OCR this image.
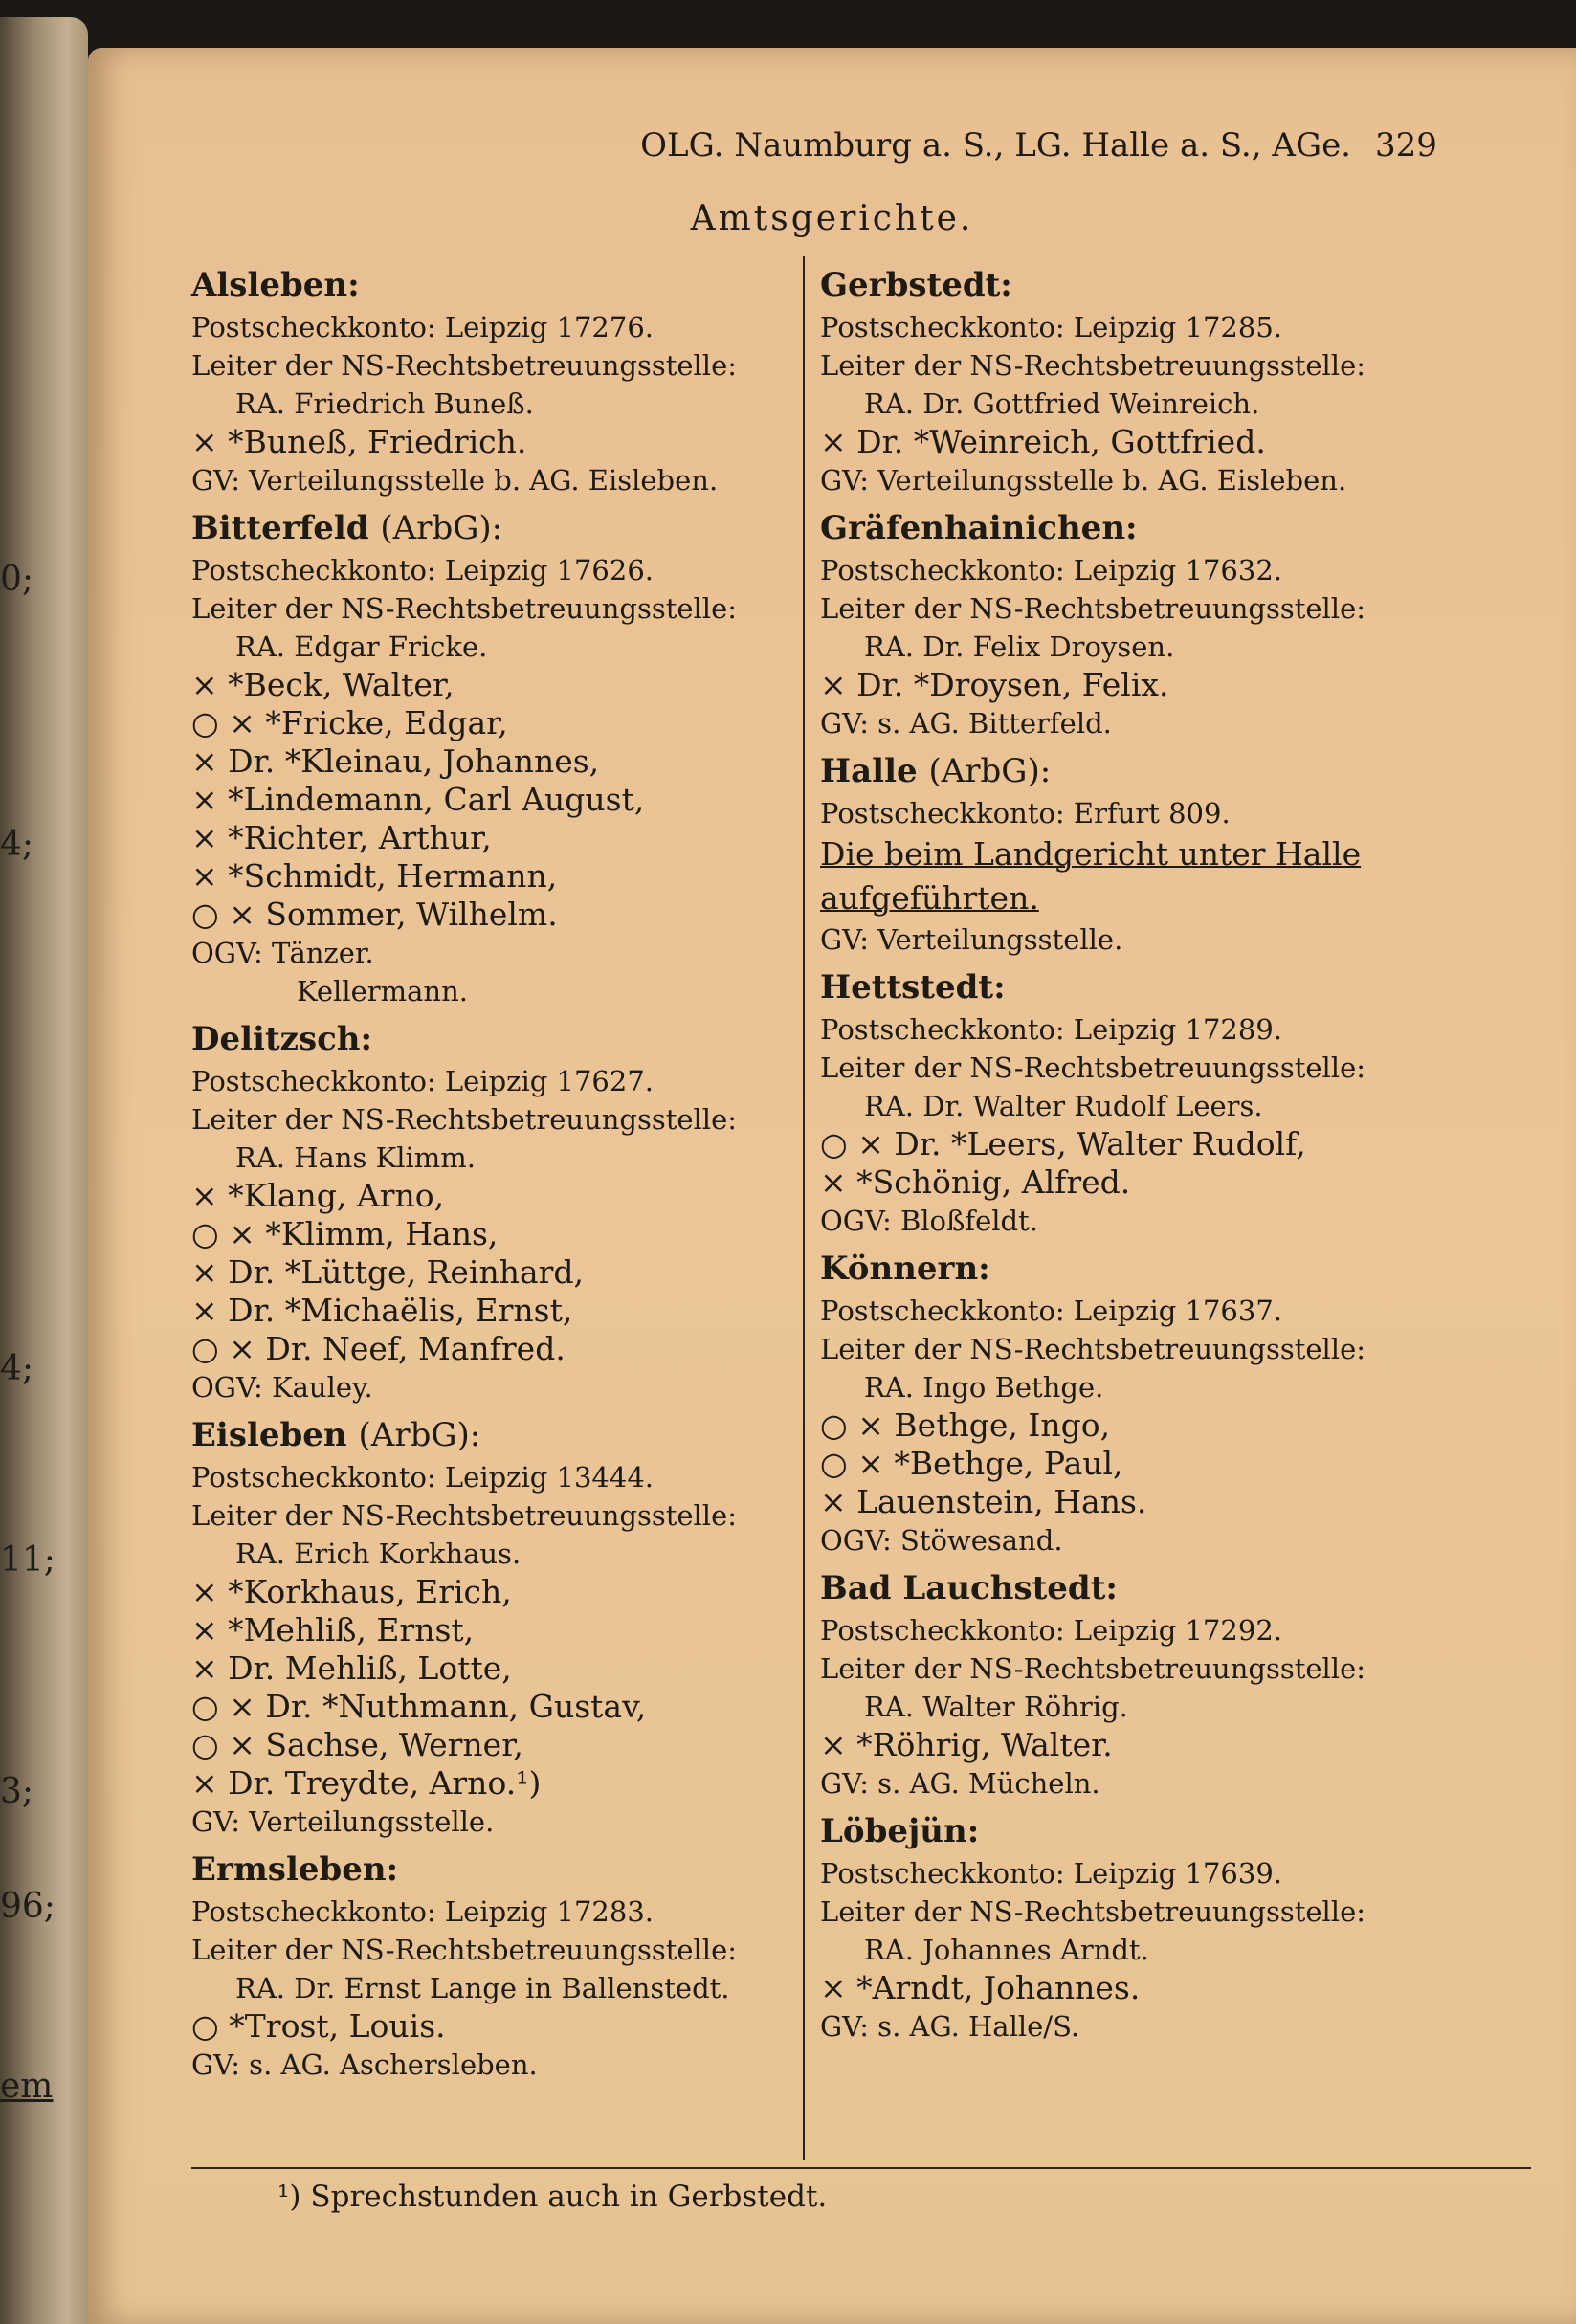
0;
4;
4;
11;
3;
96;
em
OLG. Naumburg a. S., LG. Halle a. S., AGe. 329
Amtsgerichte.
Alsleben:
Postscheckkonto: Leipzig 17276.
Leiter der NS-Rechtsbetreuungsstelle:
RA. Friedrich Buneß.
× *Buneß, Friedrich.
GV: Verteilungsstelle b. AG. Eisleben.
Bitterfeld (ArbG):
Postscheckkonto: Leipzig 17626.
Leiter der NS-Rechtsbetreuungsstelle:
RA. Edgar Fricke.
× *Beck, Walter,
○ × *Fricke, Edgar,
× Dr. *Kleinau, Johannes,
× *Lindemann, Carl August,
× *Richter, Arthur,
× *Schmidt, Hermann,
○ × Sommer, Wilhelm.
OGV: Tänzer.
Kellermann.
Delitzsch:
Postscheckkonto: Leipzig 17627.
Leiter der NS-Rechtsbetreuungsstelle:
RA. Hans Klimm.
× *Klang, Arno,
○ × *Klimm, Hans,
× Dr. *Lüttge, Reinhard,
× Dr. *Michaëlis, Ernst,
○ × Dr. Neef, Manfred.
OGV: Kauley.
Eisleben (ArbG):
Postscheckkonto: Leipzig 13444.
Leiter der NS-Rechtsbetreuungsstelle:
RA. Erich Korkhaus.
× *Korkhaus, Erich,
× *Mehliß, Ernst,
× Dr. Mehliß, Lotte,
○ × Dr. *Nuthmann, Gustav,
○ × Sachse, Werner,
× Dr. Treydte, Arno.¹)
GV: Verteilungsstelle.
Ermsleben:
Postscheckkonto: Leipzig 17283.
Leiter der NS-Rechtsbetreuungsstelle:
RA. Dr. Ernst Lange in Ballenstedt.
○ *Trost, Louis.
GV: s. AG. Aschersleben.
Gerbstedt:
Postscheckkonto: Leipzig 17285.
Leiter der NS-Rechtsbetreuungsstelle:
RA. Dr. Gottfried Weinreich.
× Dr. *Weinreich, Gottfried.
GV: Verteilungsstelle b. AG. Eisleben.
Gräfenhainichen:
Postscheckkonto: Leipzig 17632.
Leiter der NS-Rechtsbetreuungsstelle:
RA. Dr. Felix Droysen.
× Dr. *Droysen, Felix.
GV: s. AG. Bitterfeld.
Halle (ArbG):
Postscheckkonto: Erfurt 809.
Die beim Landgericht unter Halle
aufgeführten.
GV: Verteilungsstelle.
Hettstedt:
Postscheckkonto: Leipzig 17289.
Leiter der NS-Rechtsbetreuungsstelle:
RA. Dr. Walter Rudolf Leers.
○ × Dr. *Leers, Walter Rudolf,
× *Schönig, Alfred.
OGV: Bloßfeldt.
Könnern:
Postscheckkonto: Leipzig 17637.
Leiter der NS-Rechtsbetreuungsstelle:
RA. Ingo Bethge.
○ × Bethge, Ingo,
○ × *Bethge, Paul,
× Lauenstein, Hans.
OGV: Stöwesand.
Bad Lauchstedt:
Postscheckkonto: Leipzig 17292.
Leiter der NS-Rechtsbetreuungsstelle:
RA. Walter Röhrig.
× *Röhrig, Walter.
GV: s. AG. Mücheln.
Löbejün:
Postscheckkonto: Leipzig 17639.
Leiter der NS-Rechtsbetreuungsstelle:
RA. Johannes Arndt.
× *Arndt, Johannes.
GV: s. AG. Halle/S.
¹) Sprechstunden auch in Gerbstedt.
